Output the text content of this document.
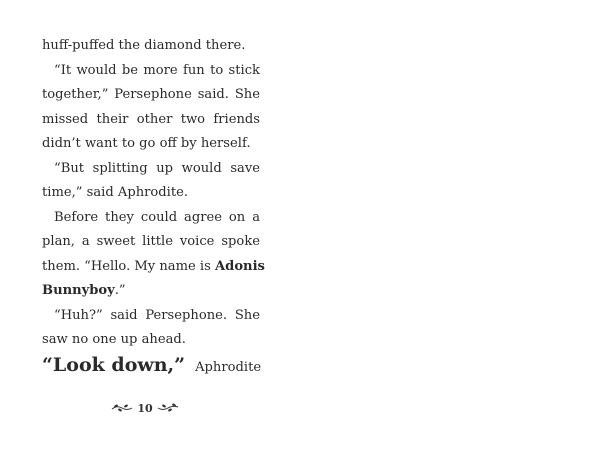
huff-puffed the diamond there.
“It would be more fun to stick
together,” Persephone said. She
missed their other two friends
didn’t want to go off by herself.
“But splitting up would save
time,” said Aphrodite.
Before they could agree on a
plan, a sweet little voice spoke
them. “Hello. My name is Adonis
Bunnyboy.”
“Huh?” said Persephone. She
saw no one up ahead.
“Look down,” Aphrodite
10
